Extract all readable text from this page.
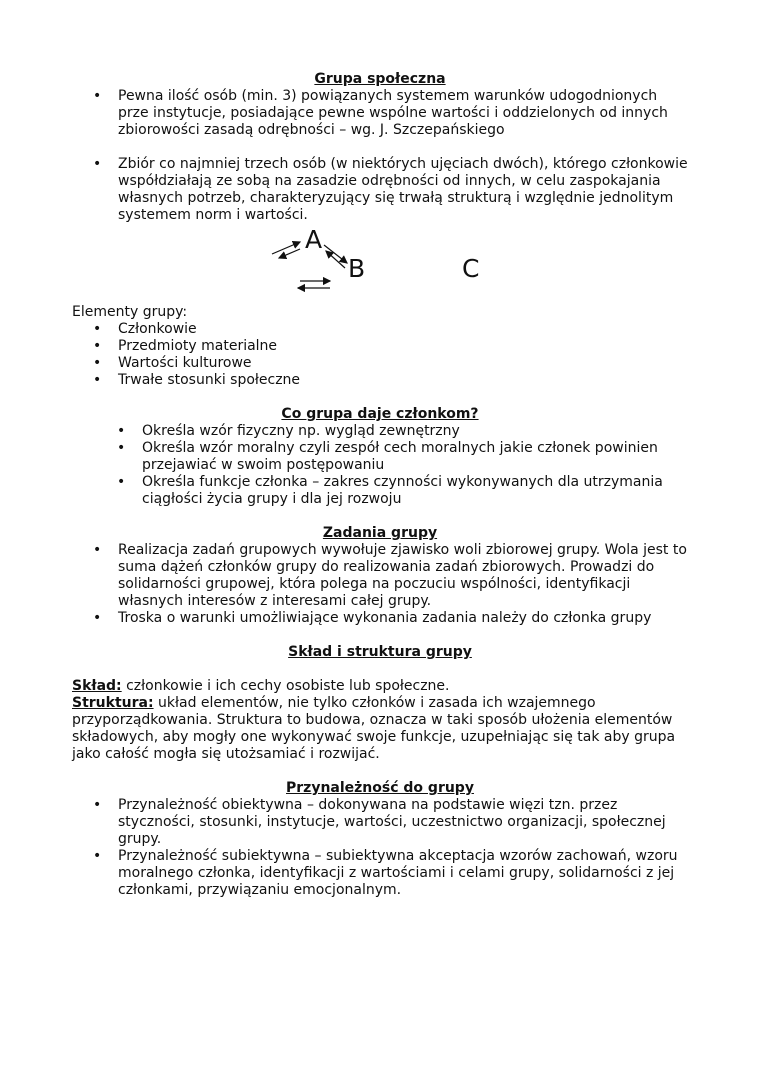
Grupa społeczna

• Pewna ilość osób (min. 3) powiązanych systemem warunków udogodnionych prze instytucje, posiadające pewne wspólne wartości i oddzielonych od innych zbiorowości zasadą odrębności – wg. J. Szczepańskiego
• Zbiór co najmniej trzech osób (w niektórych ujęciach dwóch), którego członkowie współdziałają ze sobą na zasadzie odrębności od innych, w celu zaspokajania własnych potrzeb, charakteryzujący się trwałą strukturą i względnie jednolitym systemem norm i wartości.
A
B	C

Elementy grupy:

• Członkowie
• Przedmioty materialne
• Wartości kulturowe
• Trwałe stosunki społeczne

Co grupa daje członkom?

• Określa wzór fizyczny np. wygląd zewnętrzny
• Określa wzór moralny czyli zespół cech moralnych jakie członek powinien przejawiać w swoim postępowaniu
• Określa funkcje członka – zakres czynności wykonywanych dla utrzymania ciągłości życia grupy i dla jej rozwoju

Zadania grupy

• Realizacja zadań grupowych wywołuje zjawisko woli zbiorowej grupy. Wola jest to suma dążeń członków grupy do realizowania zadań zbiorowych. Prowadzi do solidarności grupowej, która polega na poczuciu wspólności, identyfikacji własnych interesów z interesami całej grupy.
• Troska o warunki umożliwiające wykonania zadania należy do członka grupy

Skład i struktura grupy

Skład: członkowie i ich cechy osobiste lub społeczne.

Struktura: układ elementów, nie tylko członków i zasada ich wzajemnego przyporządkowania. Struktura to budowa, oznacza w taki sposób ułożenia elementów składowych, aby mogły one wykonywać swoje funkcje, uzupełniając się tak aby grupa jako całość mogła się utożsamiać i rozwijać.

Przynależność do grupy

• Przynależność obiektywna – dokonywana na podstawie więzi tzn. przez styczności, stosunki, instytucje, wartości, uczestnictwo organizacji, społecznej grupy.
• Przynależność subiektywna – subiektywna akceptacja wzorów zachowań, wzoru moralnego członka, identyfikacji z wartościami i celami grupy, solidarności z jej członkami, przywiązaniu emocjonalnym.
